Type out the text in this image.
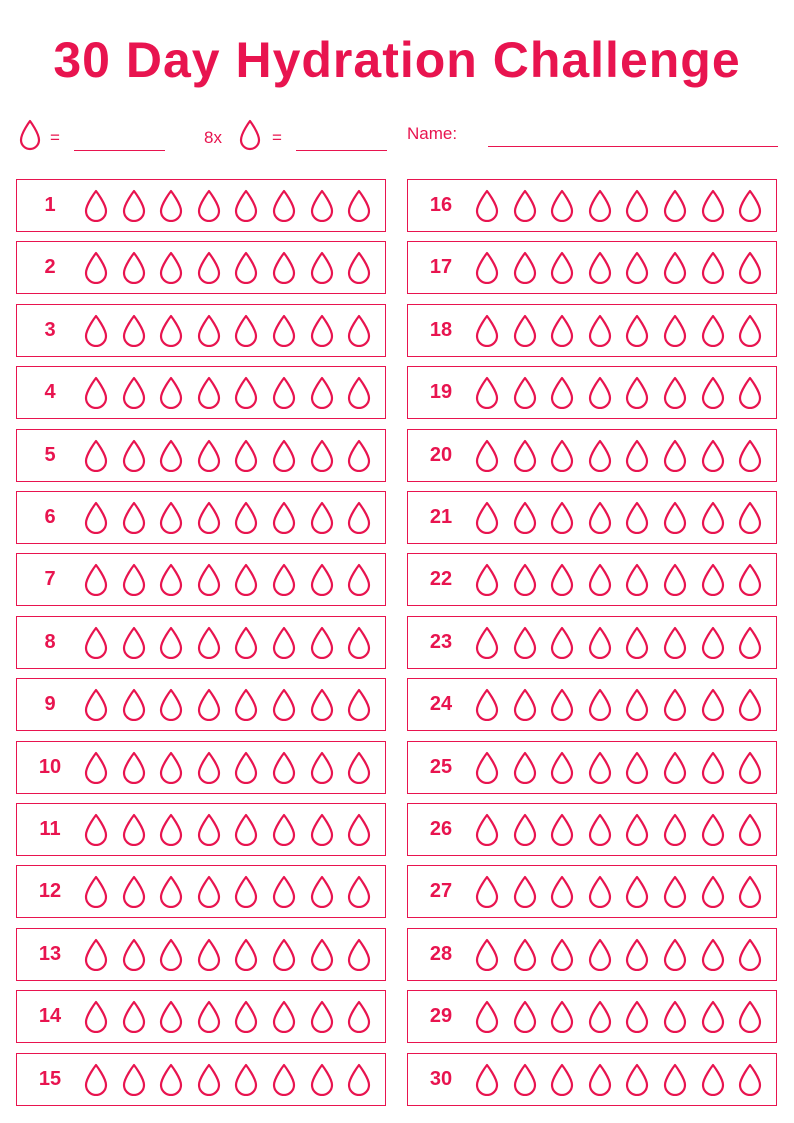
30 Day Hydration Challenge
=	8x	=	Name:
1
2
3
4
5
6
7
8
9
10
11
12
13
14
15
16
17
18
19
20
21
22
23
24
25
26
27
28
29
30
